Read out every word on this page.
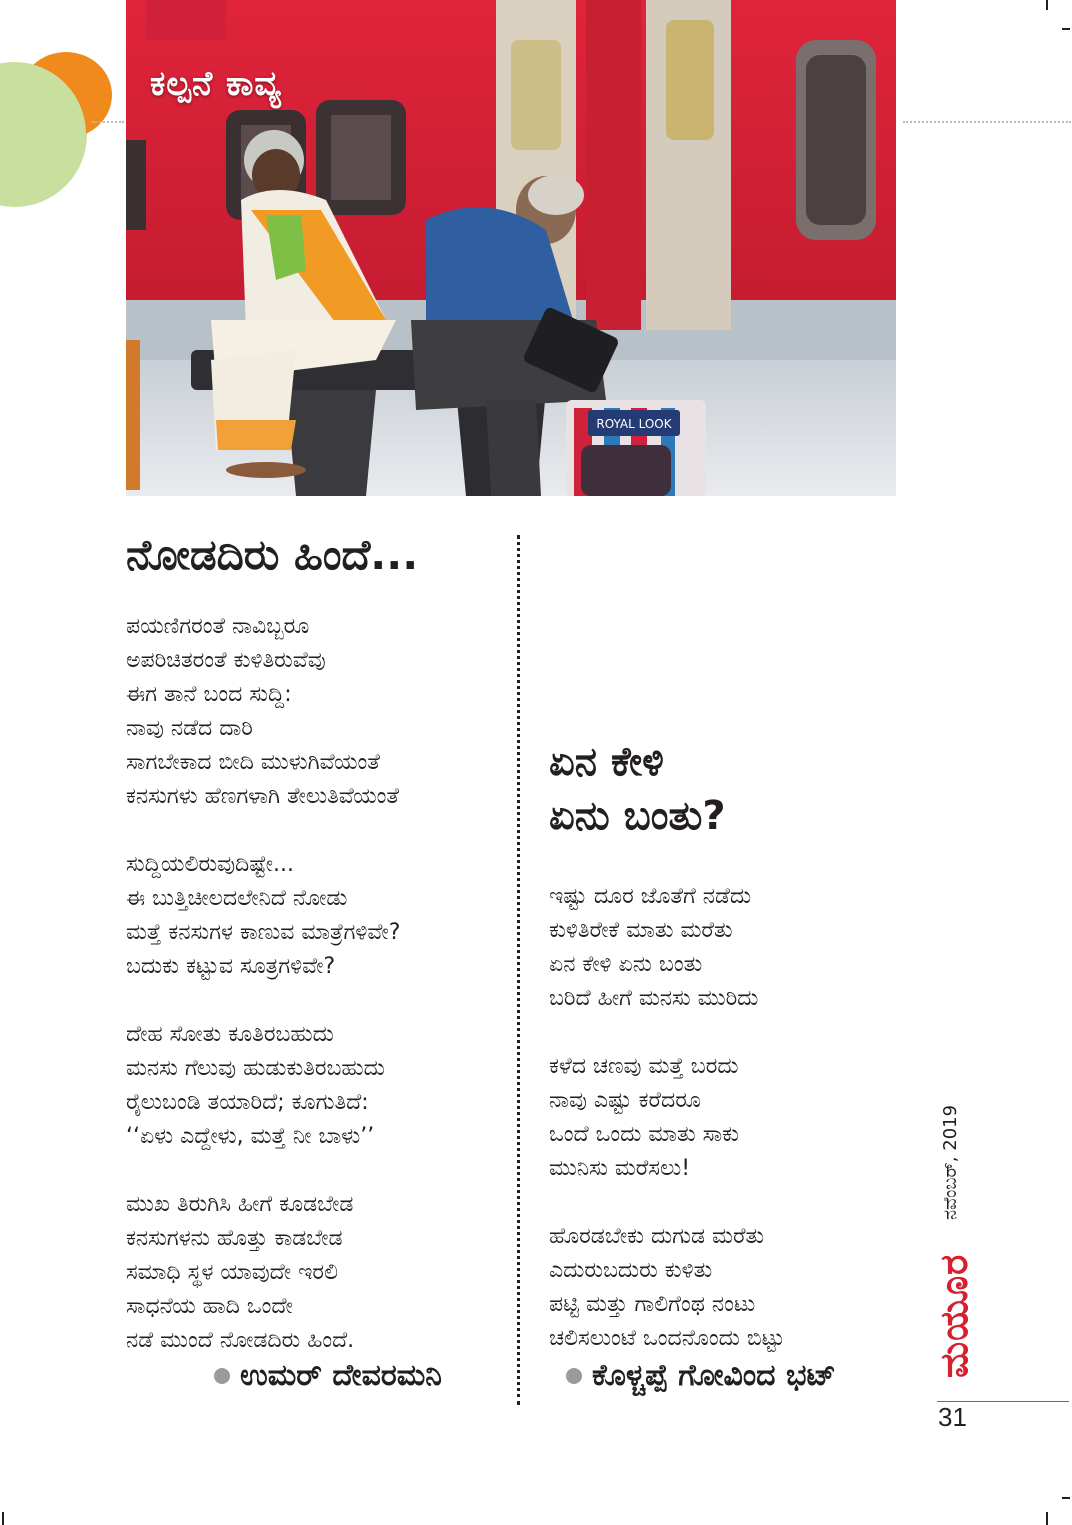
ROYAL LOOK
ಕಲ್ಪನೆ ಕಾವ್ಯ
ನೋಡದಿರು ಹಿಂದೆ...
ಪಯಣಿಗರಂತೆ ನಾವಿಬ್ಬರೂ
ಅಪರಿಚಿತರಂತೆ ಕುಳಿತಿರುವೆವು
ಈಗ ತಾನೆ ಬಂದ ಸುದ್ದಿ:
ನಾವು ನಡೆದ ದಾರಿ
ಸಾಗಬೇಕಾದ ಬೀದಿ ಮುಳುಗಿವೆಯಂತೆ
ಕನಸುಗಳು ಹೆಣಗಳಾಗಿ ತೇಲುತಿವೆಯಂತೆ
ಸುದ್ದಿಯಲಿರುವುದಿಷ್ಟೇ...
ಈ ಬುತ್ತಿಚೀಲದಲೇನಿದೆ ನೋಡು
ಮತ್ತೆ ಕನಸುಗಳ ಕಾಣುವ ಮಾತ್ರೆಗಳಿವೇ?
ಬದುಕು ಕಟ್ಟುವ ಸೂತ್ರಗಳಿವೇ?
ದೇಹ ಸೋತು ಕೂತಿರಬಹುದು
ಮನಸು ಗೆಲುವು ಹುಡುಕುತಿರಬಹುದು
ರೈಲುಬಂಡಿ ತಯಾರಿದೆ; ಕೂಗುತಿದೆ:
‘‘ಏಳು ಎದ್ದೇಳು, ಮತ್ತೆ ನೀ ಬಾಳು’’
ಮುಖ ತಿರುಗಿಸಿ ಹೀಗೆ ಕೂಡಬೇಡ
ಕನಸುಗಳನು ಹೊತ್ತು ಕಾಡಬೇಡ
ಸಮಾಧಿ ಸ್ಥಳ ಯಾವುದೇ ಇರಲಿ
ಸಾಧನೆಯ ಹಾದಿ ಒಂದೇ
ನಡೆ ಮುಂದೆ ನೋಡದಿರು ಹಿಂದೆ.
ಉಮರ್ ದೇವರಮನಿ
ಏನ ಕೇಳಿ
ಏನು ಬಂತು?
ಇಷ್ಟು ದೂರ ಜೊತೆಗೆ ನಡೆದು
ಕುಳಿತಿರೇಕೆ ಮಾತು ಮರೆತು
ಏನ ಕೇಳಿ ಏನು ಬಂತು
ಬರಿದೆ ಹೀಗೆ ಮನಸು ಮುರಿದು
ಕಳೆದ ಚಣವು ಮತ್ತೆ ಬರದು
ನಾವು ಎಷ್ಟು ಕರೆದರೂ
ಒಂದೆ ಒಂದು ಮಾತು ಸಾಕು
ಮುನಿಸು ಮರೆಸಲು!
ಹೊರಡಬೇಕು ದುಗುಡ ಮರೆತು
ಎದುರುಬದುರು ಕುಳಿತು
ಪಟ್ಟಿ ಮತ್ತು ಗಾಲಿಗೆಂಥ ನಂಟು
ಚಲಿಸಲುಂಟೆ ಒಂದನೊಂದು ಬಿಟ್ಟು
ಕೊಳ್ಚಪ್ಪೆ ಗೋವಿಂದ ಭಟ್
ನವೆಂಬರ್, 2019
ಮಯೂರ
31
